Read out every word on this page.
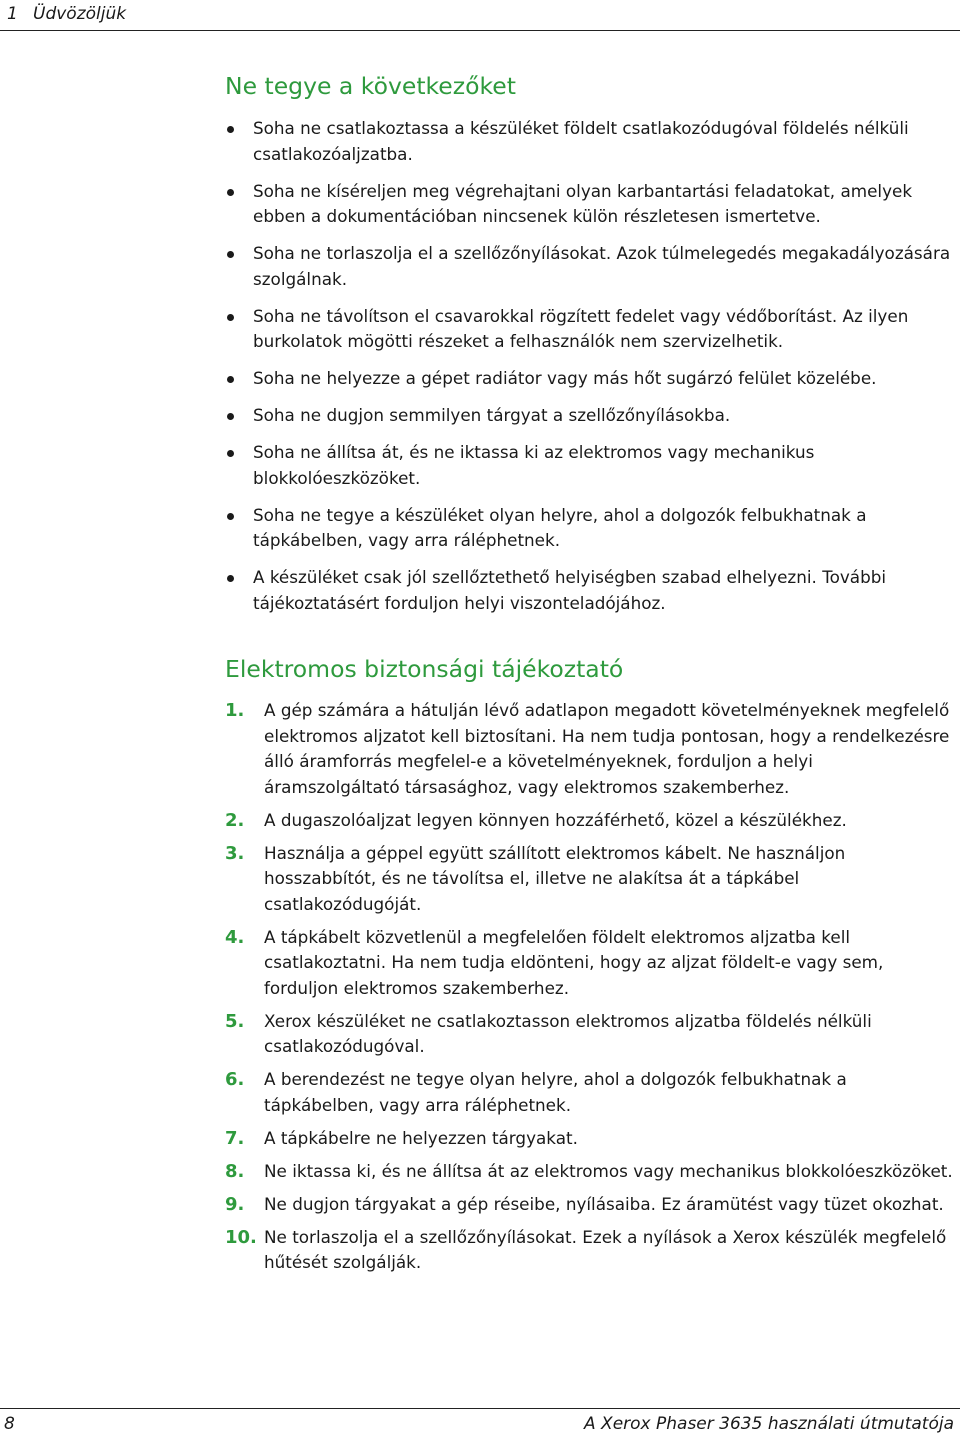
1 Üdvözöljük
Ne tegye a következőket
Soha ne csatlakoztassa a készüléket földelt csatlakozódugóval földelés nélküli csatlakozóaljzatba.
Soha ne kíséreljen meg végrehajtani olyan karbantartási feladatokat, amelyek ebben a dokumentációban nincsenek külön részletesen ismertetve.
Soha ne torlaszolja el a szellőzőnyílásokat. Azok túlmelegedés megakadályozására szolgálnak.
Soha ne távolítson el csavarokkal rögzített fedelet vagy védőborítást. Az ilyen burkolatok mögötti részeket a felhasználók nem szervizelhetik.
Soha ne helyezze a gépet radiátor vagy más hőt sugárzó felület közelébe.
Soha ne dugjon semmilyen tárgyat a szellőzőnyílásokba.
Soha ne állítsa át, és ne iktassa ki az elektromos vagy mechanikus blokkolóeszközöket.
Soha ne tegye a készüléket olyan helyre, ahol a dolgozók felbukhatnak a tápkábelben, vagy arra ráléphetnek.
A készüléket csak jól szellőztethető helyiségben szabad elhelyezni. További tájékoztatásért forduljon helyi viszonteladójához.
Elektromos biztonsági tájékoztató
1. A gép számára a hátulján lévő adatlapon megadott követelményeknek megfelelő elektromos aljzatot kell biztosítani. Ha nem tudja pontosan, hogy a rendelkezésre álló áramforrás megfelel-e a követelményeknek, forduljon a helyi áramszolgáltató társasághoz, vagy elektromos szakemberhez.
2. A dugaszolóaljzat legyen könnyen hozzáférhető, közel a készülékhez.
3. Használja a géppel együtt szállított elektromos kábelt. Ne használjon hosszabbítót, és ne távolítsa el, illetve ne alakítsa át a tápkábel csatlakozódugóját.
4. A tápkábelt közvetlenül a megfelelően földelt elektromos aljzatba kell csatlakoztatni. Ha nem tudja eldönteni, hogy az aljzat földelt-e vagy sem, forduljon elektromos szakemberhez.
5. Xerox készüléket ne csatlakoztasson elektromos aljzatba földelés nélküli csatlakozódugóval.
6. A berendezést ne tegye olyan helyre, ahol a dolgozók felbukhatnak a tápkábelben, vagy arra ráléphetnek.
7. A tápkábelre ne helyezzen tárgyakat.
8. Ne iktassa ki, és ne állítsa át az elektromos vagy mechanikus blokkolóeszközöket.
9. Ne dugjon tárgyakat a gép réseibe, nyílásaiba. Ez áramütést vagy tüzet okozhat.
10. Ne torlaszolja el a szellőzőnyílásokat. Ezek a nyílások a Xerox készülék megfelelő hűtését szolgálják.
8	A Xerox Phaser 3635 használati útmutatója
